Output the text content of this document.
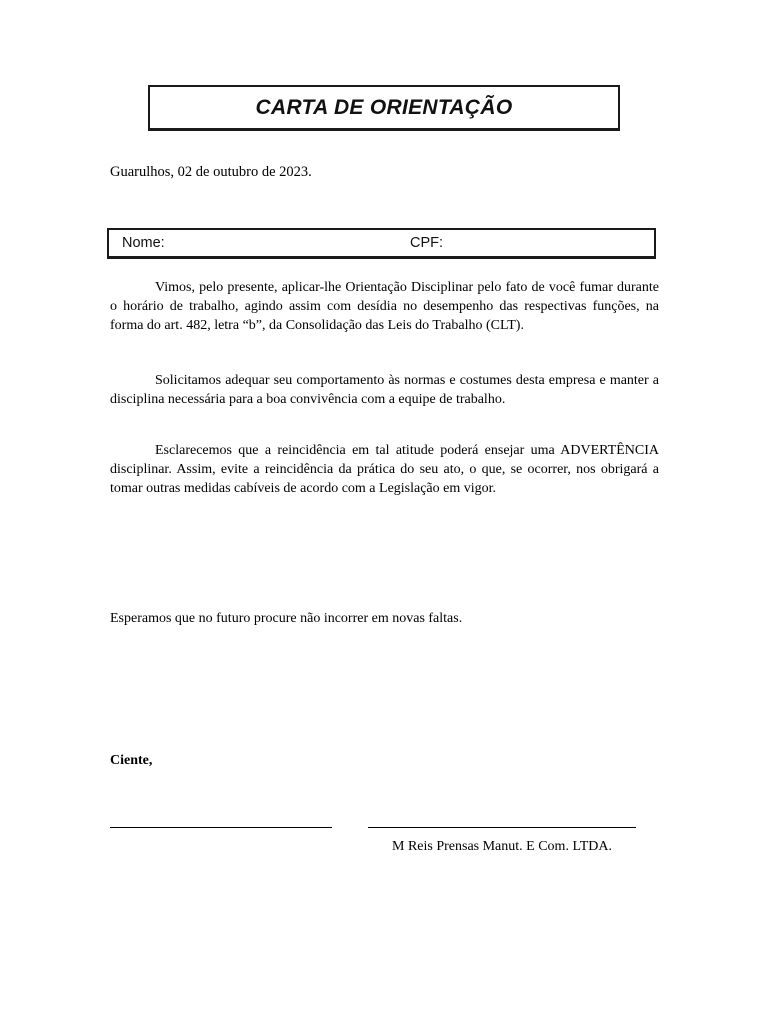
CARTA DE ORIENTAÇÃO
Guarulhos, 02 de outubro de 2023.
Nome:	CPF:

Vimos, pelo presente, aplicar-lhe Orientação Disciplinar pelo fato de você fumar durante o horário de trabalho, agindo assim com desídia no desempenho das respectivas funções, na forma do art. 482, letra “b”, da Consolidação das Leis do Trabalho (CLT).

Solicitamos adequar seu comportamento às normas e costumes desta empresa e manter a disciplina necessária para a boa convivência com a equipe de trabalho.

Esclarecemos que a reincidência em tal atitude poderá ensejar uma ADVERTÊNCIA disciplinar. Assim, evite a reincidência da prática do seu ato, o que, se ocorrer, nos obrigará a tomar outras medidas cabíveis de acordo com a Legislação em vigor.

Esperamos que no futuro procure não incorrer em novas faltas.
Ciente,
M Reis Prensas Manut. E Com. LTDA.
